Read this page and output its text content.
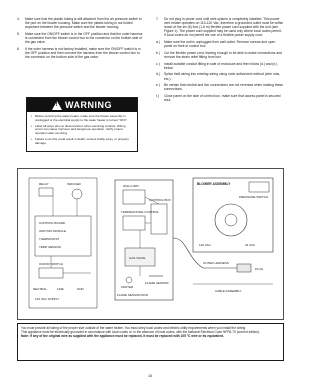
4.	Make sure that the plastic tubing is still attached from the air pressure switch to the port on the blower housing. Make sure the plastic tubing is not folded anywhere between the pressure switch and the blower housing.
5.	Make sure the ON/OFF switch is in the OFF position and that the outer harness is connected from the blower control box to the connector on the bottom side of the gas valve.
6.	If the outer harness is not factory installed, make sure the ON/OFF switch is in the OFF position and then connect the harness from the blower control box to the connector on the bottom side of the gas valve.
! WARNING

• Before servicing the water heater, make sure the blower assembly is unplugged or the electrical supply to the water heater is turned "OFF".

• Label all wires prior to disconnection when servicing controls. Wiring errors can cause improper and dangerous operation. Verify proper operation after servicing.

• Failure to do this could result in death, serious bodily injury, or property damage.

7.	Do not plug in power cord until vent system is completely installed. This power vent heater operates on 110-120 Vac, therefore a grounded outlet must be within reach of the six (6) foot (1.8 m) flexible power cord supplied with the unit (see Figure 1). The power cord supplied may be used only where local codes permit. If local codes do not permit the use of a flexible power supply cord:
a.)	Make sure the unit is unplugged from wall outlet. Remove screws and open panel on front of control box.
b.)	Cut the flexible power cord, leaving enough to be able to make connections and remove the strain relief fitting from box.
c.)	Install suitable conduit fitting in side of enclosure and then follow (d.) and (e.) below.
d.)	Splice field wiring into existing wiring using code authorized method (wire nuts, etc.).
e.)	Be certain that neutral and live connections are not reversed when making these connections.
f.)	Close panel on the side of control box, make sure that access panel is secured shut.
RELAY	INDUCER
CONTROL BOARD
IGNITION MODULE
THERMOSTAT
TEMP SENSOR
ON/OFF SWITCH
NEUTRAL	LINE	GND
120 VAC SUPPLY
HIGH LIMIT
TEMPERATURE CONTROL
CONTROL BOX
GAS VALVE
IGNITER
FLAME SENSOR
FLAME SENSOR ROD
BLOWER ASSEMBLY
PRESSURE SWITCH
120 VAC	24 VAC
OUTER HARNESS
PLUG
CABLE ASSEMBLY

You must provide all wiring of the proper size outside of the water heater. You must obey local codes and electric utility requirements when you install the wiring.

This appliance must be electrically grounded in accordance with local codes or, in the absence of local codes, with the National Electrical Code NFPA-70 (current edition).

Note: If any of the original wire as supplied with the appliance must be replaced, it must be replaced with 105 °C wire or its equivalent.

15
